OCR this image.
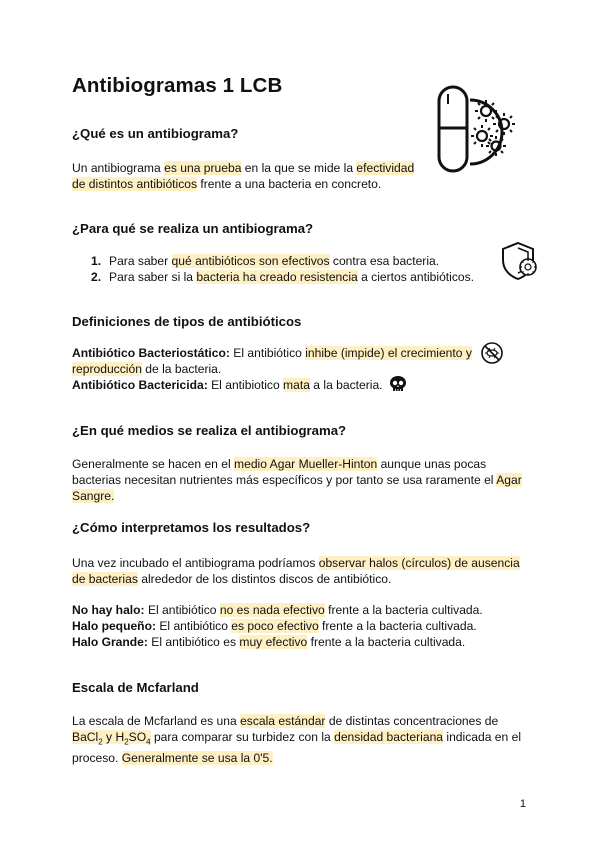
Antibiogramas 1 LCB
¿Qué es un antibiograma?
Un antibiograma es una prueba en la que se mide la efectividad
de distintos antibióticos frente a una bacteria en concreto.
¿Para qué se realiza un antibiograma?
1. Para saber qué antibióticos son efectivos contra esa bacteria.
2. Para saber si la bacteria ha creado resistencia a ciertos antibióticos.
Definiciones de tipos de antibióticos
Antibiótico Bacteriostático: El antibiótico inhibe (impide) el crecimiento y
reproducción de la bacteria.
Antibiótico Bactericida: El antibiotico mata a la bacteria.
¿En qué medios se realiza el antibiograma?
Generalmente se hacen en el medio Agar Mueller-Hinton aunque unas pocas
bacterias necesitan nutrientes más específicos y por tanto se usa raramente el Agar
Sangre.
¿Cómo interpretamos los resultados?
Una vez incubado el antibiograma podríamos observar halos (círculos) de ausencia
de bacterias alrededor de los distintos discos de antibiótico.
No hay halo: El antibiótico no es nada efectivo frente a la bacteria cultivada.
Halo pequeño: El antibiótico es poco efectivo frente a la bacteria cultivada.
Halo Grande: El antibiótico es muy efectivo frente a la bacteria cultivada.
Escala de Mcfarland
La escala de Mcfarland es una escala estándar de distintas concentraciones de
BaCl$_2$ y $H_2SO_4$ para comparar su turbidez con la densidad bacteriana indicada en el
proceso. Generalmente se usa la 0'5.
1
